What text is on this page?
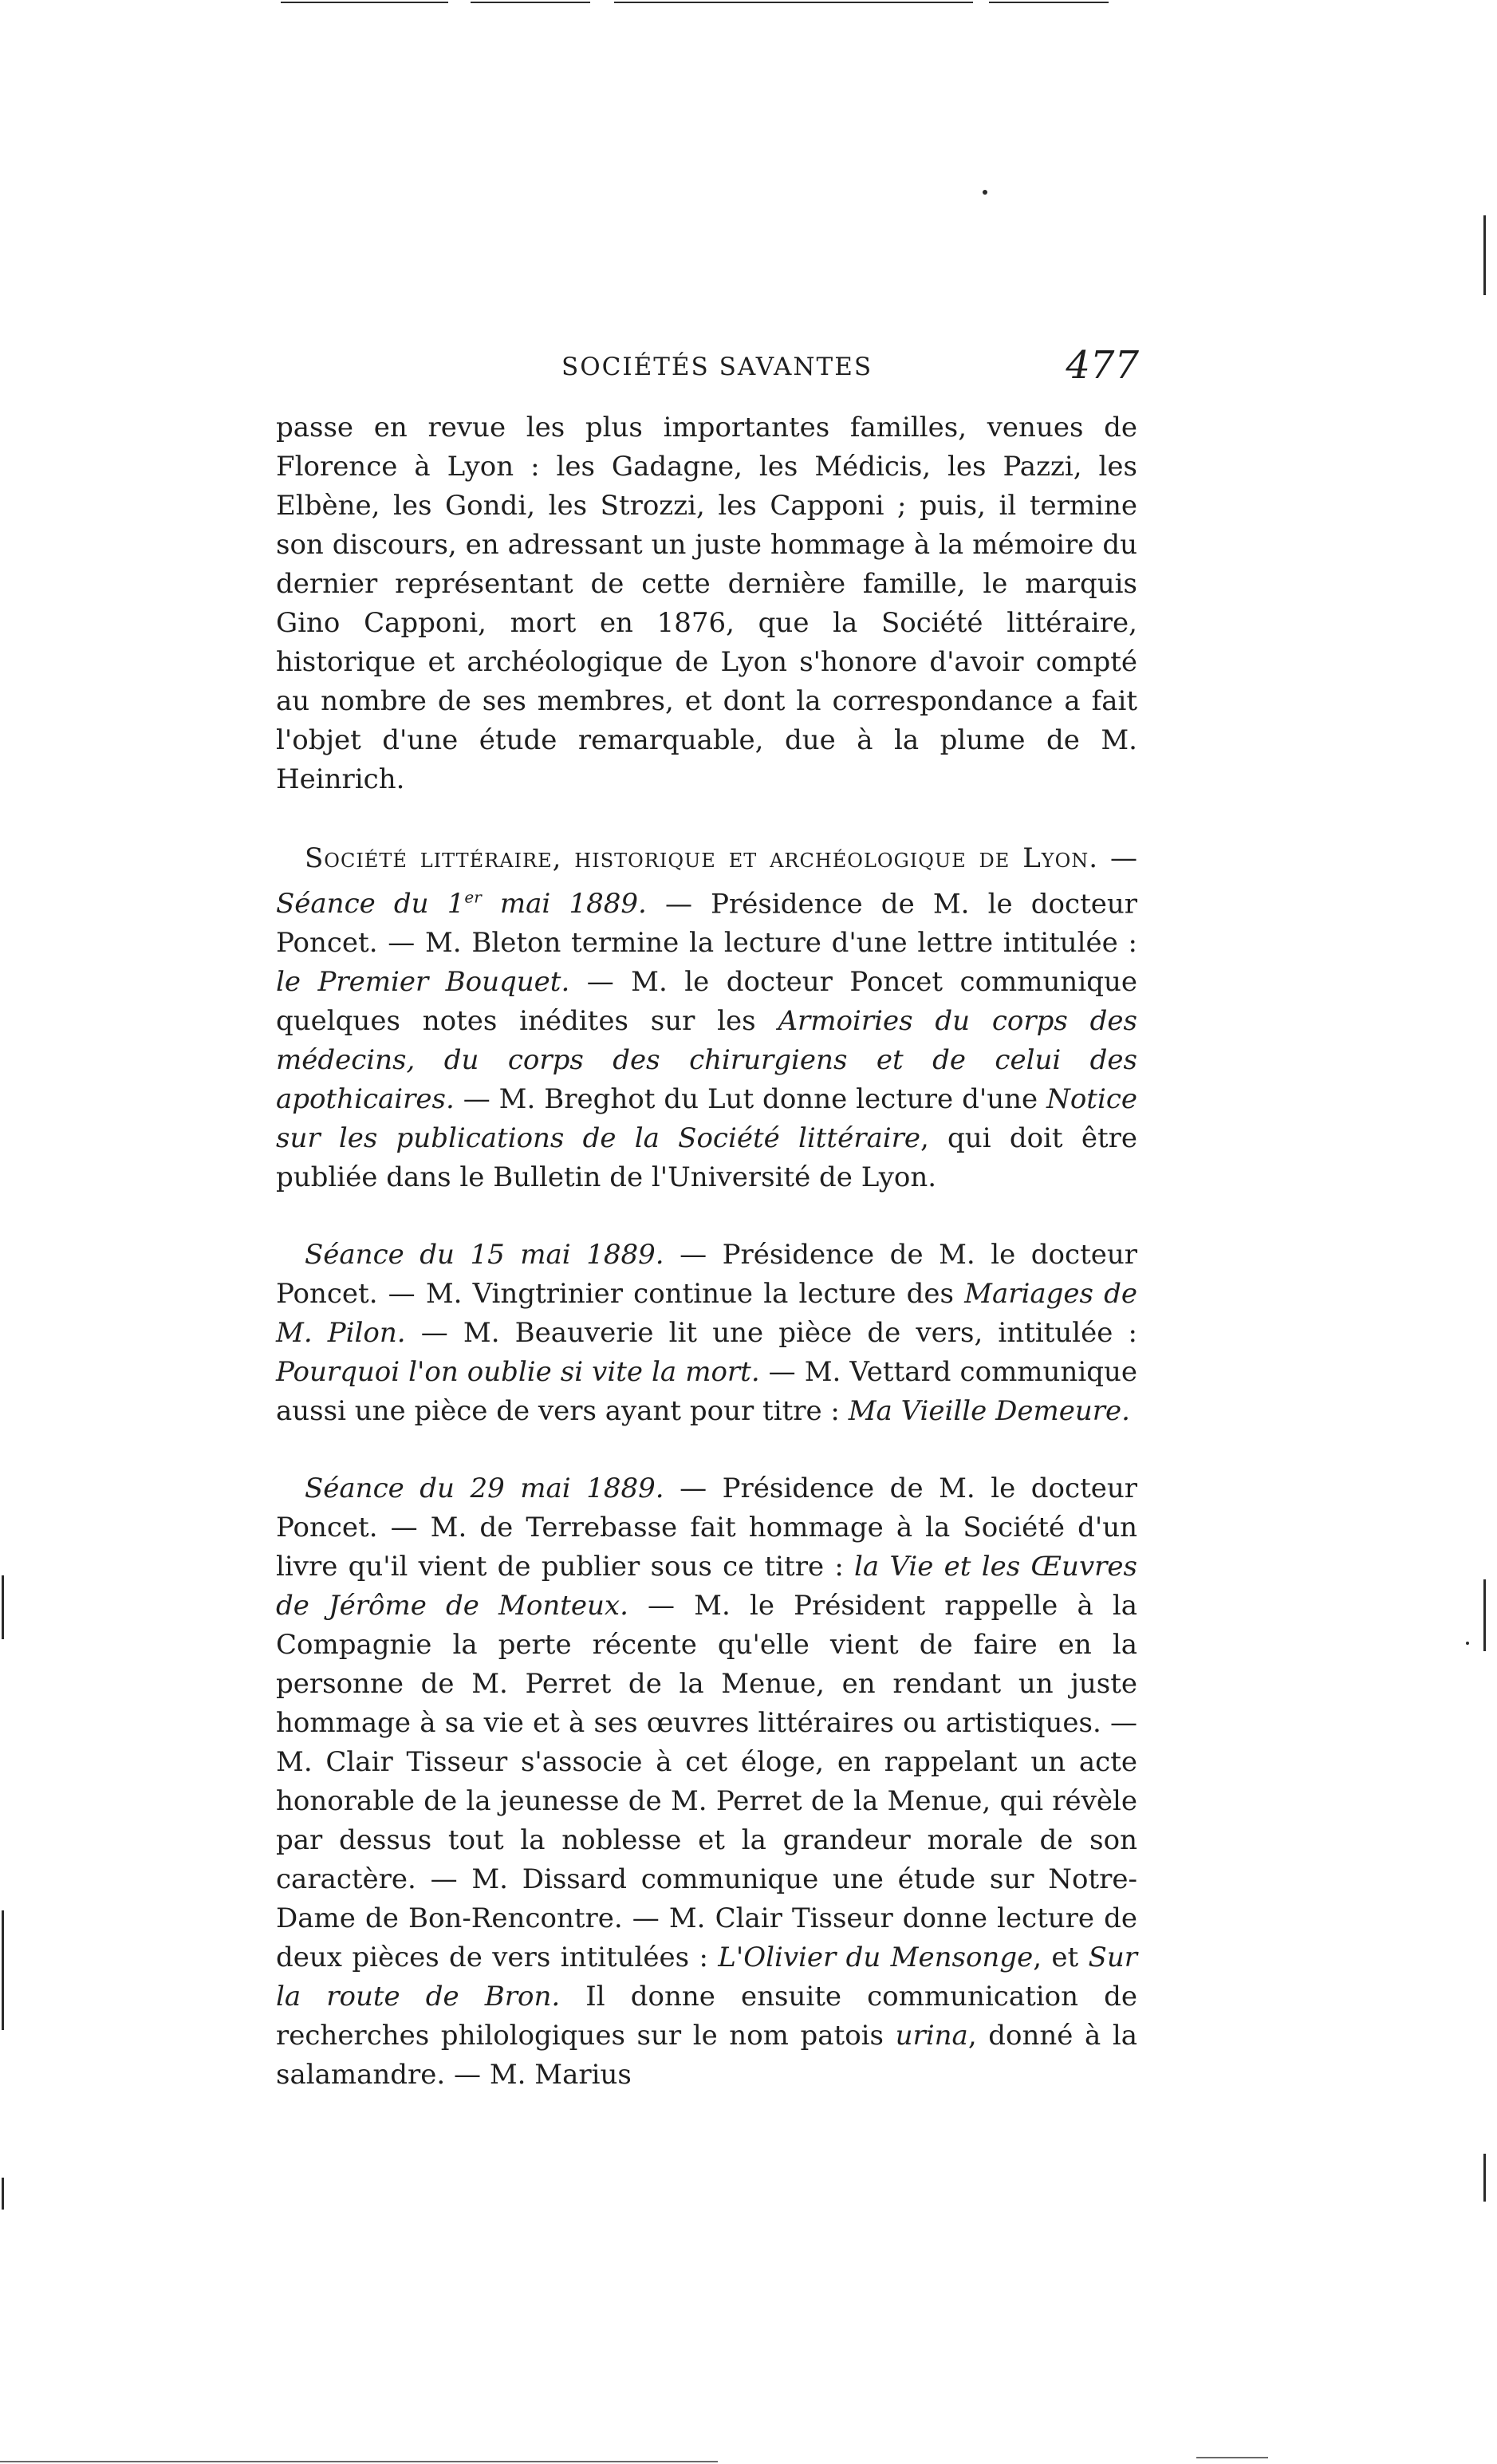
SOCIÉTÉS SAVANTES	477

passe en revue les plus importantes familles, venues de Florence à Lyon : les Gadagne, les Médicis, les Pazzi, les Elbène, les Gondi, les Strozzi, les Capponi ; puis, il termine son discours, en adressant un juste hommage à la mémoire du dernier représentant de cette dernière famille, le marquis Gino Capponi, mort en 1876, que la Société littéraire, historique et archéologique de Lyon s'honore d'avoir compté au nombre de ses membres, et dont la correspondance a fait l'objet d'une étude remarquable, due à la plume de M. Heinrich.

Société littéraire, historique et archéologique de Lyon. — Séance du 1er mai 1889. — Présidence de M. le docteur Poncet. — M. Bleton termine la lecture d'une lettre intitulée : le Premier Bouquet. — M. le docteur Poncet communique quelques notes inédites sur les Armoiries du corps des médecins, du corps des chirurgiens et de celui des apothicaires. — M. Breghot du Lut donne lecture d'une Notice sur les publications de la Société littéraire, qui doit être publiée dans le Bulletin de l'Université de Lyon.

Séance du 15 mai 1889. — Présidence de M. le docteur Poncet. — M. Vingtrinier continue la lecture des Mariages de M. Pilon. — M. Beauverie lit une pièce de vers, intitulée : Pourquoi l'on oublie si vite la mort. — M. Vettard communique aussi une pièce de vers ayant pour titre : Ma Vieille Demeure.

Séance du 29 mai 1889. — Présidence de M. le docteur Poncet. — M. de Terrebasse fait hommage à la Société d'un livre qu'il vient de publier sous ce titre : la Vie et les Œuvres de Jérôme de Monteux. — M. le Président rappelle à la Compagnie la perte récente qu'elle vient de faire en la personne de M. Perret de la Menue, en rendant un juste hommage à sa vie et à ses œuvres littéraires ou artistiques. — M. Clair Tisseur s'associe à cet éloge, en rappelant un acte honorable de la jeunesse de M. Perret de la Menue, qui révèle par dessus tout la noblesse et la grandeur morale de son caractère. — M. Dissard communique une étude sur Notre-Dame de Bon-Rencontre. — M. Clair Tisseur donne lecture de deux pièces de vers intitulées : L'Olivier du Mensonge, et Sur la route de Bron. Il donne ensuite communication de recherches philologiques sur le nom patois urina, donné à la salamandre. — M. Marius
